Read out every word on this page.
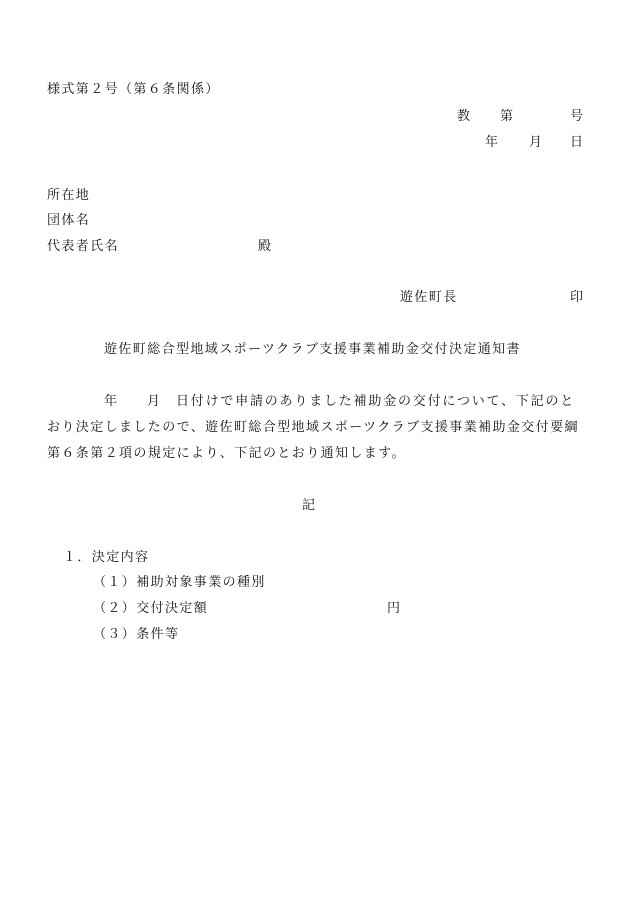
様式第２号（第６条関係）
教 第	号
年 月 日
所在地
団体名
代表者氏名	殿
遊佐町長	印
遊佐町総合型地域スポーツクラブ支援事業補助金交付決定通知書
年 月 日付けで申請のありました補助金の交付について、下記のと
おり決定しましたので、遊佐町総合型地域スポーツクラブ支援事業補助金交付要綱
第６条第２項の規定により、下記のとおり通知します。
記
１．決定内容
（１）補助対象事業の種別
（２）交付決定額	円
（３）条件等
